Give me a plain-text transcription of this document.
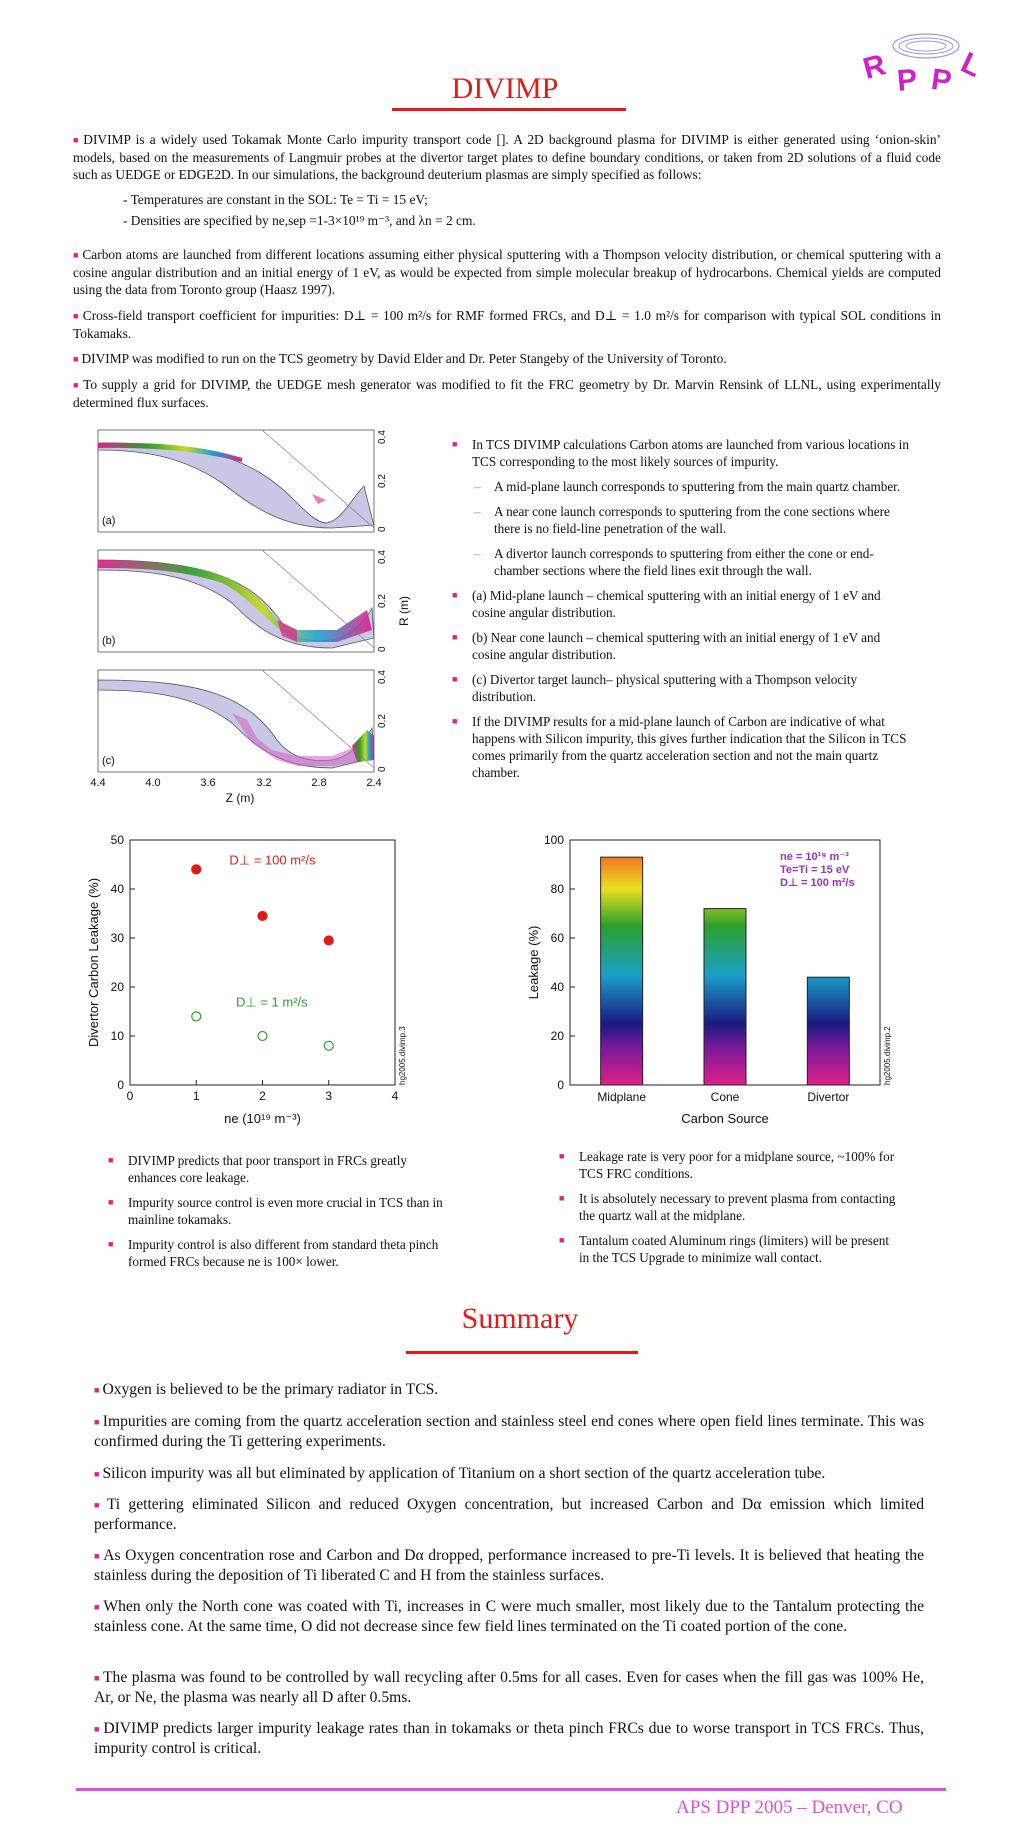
R P P L
DIVIMP
■ DIVIMP is a widely used Tokamak Monte Carlo impurity transport code []. A 2D background plasma for DIVIMP is either generated using ‘onion-skin’ models, based on the measurements of Langmuir probes at the divertor target plates to define boundary conditions, or taken from 2D solutions of a fluid code such as UEDGE or EDGE2D. In our simulations, the background deuterium plasmas are simply specified as follows:
- Temperatures are constant in the SOL: Te = Ti = 15 eV;
- Densities are specified by ne,sep =1-3×10¹⁹ m⁻³, and λn = 2 cm.
■ Carbon atoms are launched from different locations assuming either physical sputtering with a Thompson velocity distribution, or chemical sputtering with a cosine angular distribution and an initial energy of 1 eV, as would be expected from simple molecular breakup of hydrocarbons. Chemical yields are computed using the data from Toronto group (Haasz 1997).
■ Cross-field transport coefficient for impurities: D⊥ = 100 m²/s for RMF formed FRCs, and D⊥ = 1.0 m²/s for comparison with typical SOL conditions in Tokamaks.
■ DIVIMP was modified to run on the TCS geometry by David Elder and Dr. Peter Stangeby of the University of Toronto.
■ To supply a grid for DIVIMP, the UEDGE mesh generator was modified to fit the FRC geometry by Dr. Marvin Rensink of LLNL, using experimentally determined flux surfaces.
(a)
(b)
(c)
0
0.2
0.4
0
0.2
0.4
0
0.2
0.4
R (m)
4.4	4.0	3.6	3.2	2.8	2.4
Z (m)
■ In TCS DIVIMP calculations Carbon atoms are launched from various locations in TCS corresponding to the most likely sources of impurity.
– A mid-plane launch corresponds to sputtering from the main quartz chamber.
– A near cone launch corresponds to sputtering from the cone sections where there is no field-line penetration of the wall.
– A divertor launch corresponds to sputtering from either the cone or end-chamber sections where the field lines exit through the wall.
■ (a) Mid-plane launch – chemical sputtering with an initial energy of 1 eV and cosine angular distribution.
■ (b) Near cone launch – chemical sputtering with an initial energy of 1 eV and cosine angular distribution.
■ (c) Divertor target launch– physical sputtering with a Thompson velocity distribution.
■ If the DIVIMP results for a mid-plane launch of Carbon are indicative of what happens with Silicon impurity, this gives further indication that the Silicon in TCS comes primarily from the quartz acceleration section and not the main quartz chamber.
0	1	2	3	4
0
10
20
30
40
50
ne (10¹⁹ m⁻³)
Divertor Carbon Leakage (%)
hg2005.divimp.3
D⊥ = 100 m²/s
D⊥ = 1 m²/s
0
20
40
60
80
100
Midplane	Cone	Divertor
Carbon Source
Leakage (%)
hg2005.divimp.2
ne = 10¹⁹ m⁻³
Te=Ti = 15 eV
D⊥ = 100 m²/s
■ DIVIMP predicts that poor transport in FRCs greatly enhances core leakage.
■ Impurity source control is even more crucial in TCS than in mainline tokamaks.
■ Impurity control is also different from standard theta pinch formed FRCs because ne is 100× lower.
■ Leakage rate is very poor for a midplane source, ~100% for TCS FRC conditions.
■ It is absolutely necessary to prevent plasma from contacting the quartz wall at the midplane.
■ Tantalum coated Aluminum rings (limiters) will be present in the TCS Upgrade to minimize wall contact.
Summary
■ Oxygen is believed to be the primary radiator in TCS.
■ Impurities are coming from the quartz acceleration section and stainless steel end cones where open field lines terminate. This was confirmed during the Ti gettering experiments.
■ Silicon impurity was all but eliminated by application of Titanium on a short section of the quartz acceleration tube.
■ Ti gettering eliminated Silicon and reduced Oxygen concentration, but increased Carbon and Dα emission which limited performance.
■ As Oxygen concentration rose and Carbon and Dα dropped, performance increased to pre-Ti levels. It is believed that heating the stainless during the deposition of Ti liberated C and H from the stainless surfaces.
■ When only the North cone was coated with Ti, increases in C were much smaller, most likely due to the Tantalum protecting the stainless cone. At the same time, O did not decrease since few field lines terminated on the Ti coated portion of the cone.
■ The plasma was found to be controlled by wall recycling after 0.5ms for all cases. Even for cases when the fill gas was 100% He, Ar, or Ne, the plasma was nearly all D after 0.5ms.
■ DIVIMP predicts larger impurity leakage rates than in tokamaks or theta pinch FRCs due to worse transport in TCS FRCs. Thus, impurity control is critical.
APS DPP 2005 – Denver, CO
